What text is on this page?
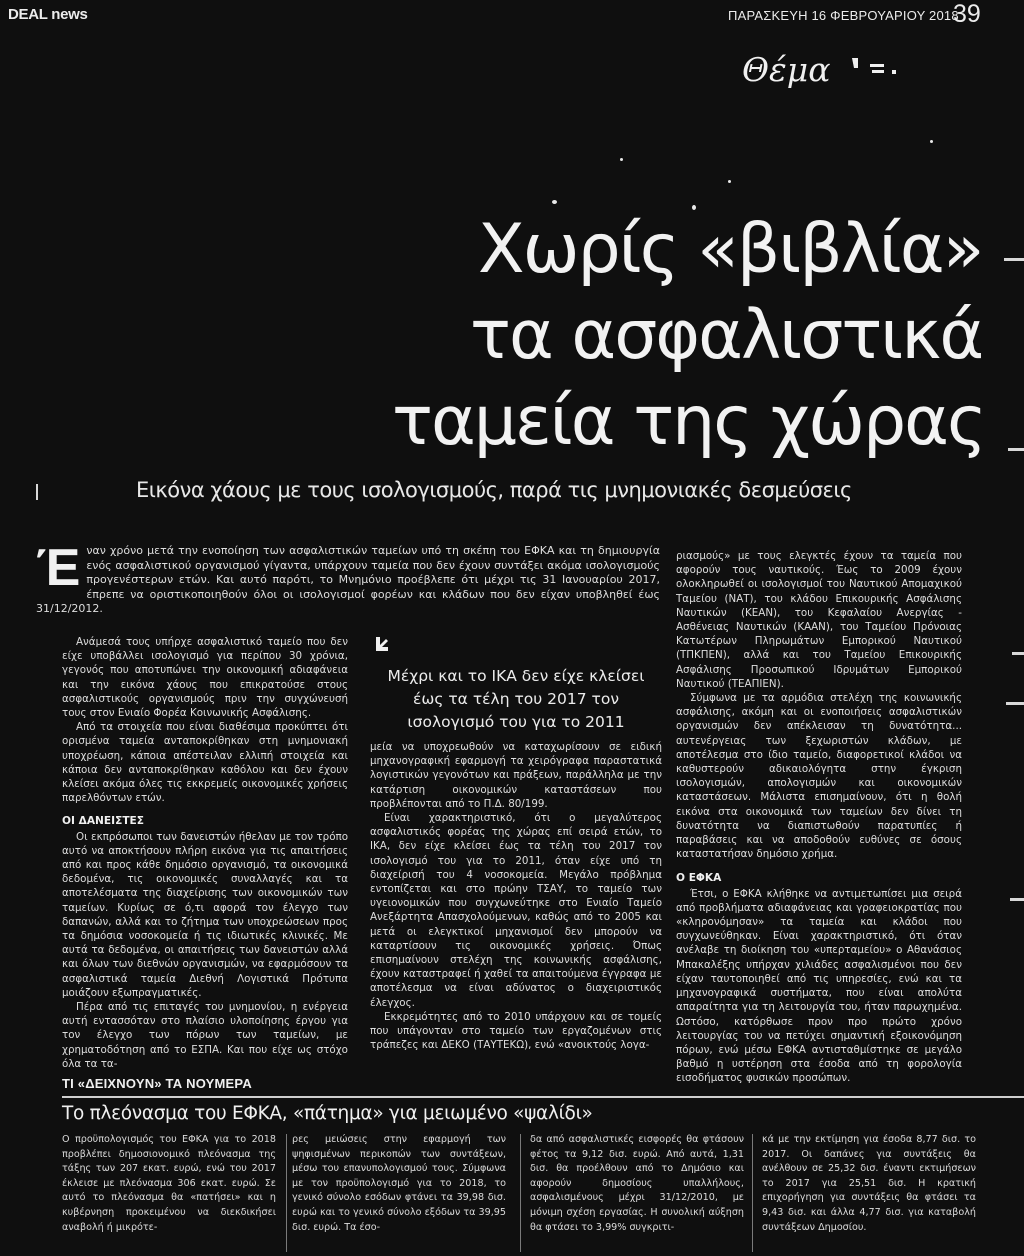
DEAL news	ΠΑΡΑΣΚΕΥΗ 16 ΦΕΒΡΟΥΑΡΙΟΥ 2018
39
Θέμα
Χωρίς «βιβλία»
τα ασφαλιστικά
ταμεία της χώρας
Εικόνα χάους με τους ισολογισμούς, παρά τις μνημονιακές δεσμεύσεις
Έ ναν χρόνο μετά την ενοποίηση των ασφαλιστικών ταμείων υπό τη σκέπη του ΕΦΚΑ και τη δημιουργία ενός ασφαλιστικού οργανισμού γίγαντα, υπάρχουν ταμεία που δεν έχουν συντάξει ακόμα ισολογισμούς προγενέστερων ετών. Και αυτό παρότι, το Μνημόνιο προέβλεπε ότι μέχρι τις 31 Ιανουαρίου 2017, έπρεπε να οριστικοποιηθούν όλοι οι ισολογισμοί φορέων και κλάδων που δεν είχαν υποβληθεί έως 31/12/2012.

Ανάμεσά τους υπήρχε ασφαλιστικό ταμείο που δεν είχε υποβάλλει ισολογισμό για περίπου 30 χρόνια, γεγονός που αποτυπώνει την οικονομική αδιαφάνεια και την εικόνα χάους που επικρατούσε στους ασφαλιστικούς οργανισμούς πριν την συγχώνευσή τους στον Ενιαίο Φορέα Κοινωνικής Ασφάλισης.

Από τα στοιχεία που είναι διαθέσιμα προκύπτει ότι ορισμένα ταμεία ανταποκρίθηκαν στη μνημονιακή υποχρέωση, κάποια απέστειλαν ελλιπή στοιχεία και κάποια δεν ανταποκρίθηκαν καθόλου και δεν έχουν κλείσει ακόμα όλες τις εκκρεμείς οικονομικές χρήσεις παρελθόντων ετών.

ΟΙ ΔΑΝΕΙΣΤΕΣ

Οι εκπρόσωποι των δανειστών ήθελαν με τον τρόπο αυτό να αποκτήσουν πλήρη εικόνα για τις απαιτήσεις από και προς κάθε δημόσιο οργανισμό, τα οικονομικά δεδομένα, τις οικονομικές συναλλαγές και τα αποτελέσματα της διαχείρισης των οικονομικών των ταμείων. Κυρίως σε ό,τι αφορά τον έλεγχο των δαπανών, αλλά και το ζήτημα των υποχρεώσεων προς τα δημόσια νοσοκομεία ή τις ιδιωτικές κλινικές. Με αυτά τα δεδομένα, οι απαιτήσεις των δανειστών αλλά και όλων των διεθνών οργανισμών, να εφαρμόσουν τα ασφαλιστικά ταμεία Διεθνή Λογιστικά Πρότυπα μοιάζουν εξωπραγματικές.

Πέρα από τις επιταγές του μνημονίου, η ενέργεια αυτή εντασσόταν στο πλαίσιο υλοποίησης έργου για τον έλεγχο των πόρων των ταμείων, με χρηματοδότηση από το ΕΣΠΑ. Και που είχε ως στόχο όλα τα τα-

Μέχρι και το ΙΚΑ δεν είχε κλείσει έως τα τέλη του 2017 τον ισολογισμό του για το 2011

μεία να υποχρεωθούν να καταχωρίσουν σε ειδική μηχανογραφική εφαρμογή τα χειρόγραφα παραστατικά λογιστικών γεγονότων και πράξεων, παράλληλα με την κατάρτιση οικονομικών καταστάσεων που προβλέπονται από το Π.Δ. 80/199.

Είναι χαρακτηριστικό, ότι ο μεγαλύτερος ασφαλιστικός φορέας της χώρας επί σειρά ετών, το ΙΚΑ, δεν είχε κλείσει έως τα τέλη του 2017 τον ισολογισμό του για το 2011, όταν είχε υπό τη διαχείρισή του 4 νοσοκομεία. Μεγάλο πρόβλημα εντοπίζεται και στο πρώην ΤΣΑΥ, το ταμείο των υγειονομικών που συγχωνεύτηκε στο Ενιαίο Ταμείο Ανεξάρτητα Απασχολούμενων, καθώς από το 2005 και μετά οι ελεγκτικοί μηχανισμοί δεν μπορούν να καταρτίσουν τις οικονομικές χρήσεις. Όπως επισημαίνουν στελέχη της κοινωνικής ασφάλισης, έχουν καταστραφεί ή χαθεί τα απαιτούμενα έγγραφα με αποτέλεσμα να είναι αδύνατος ο διαχειριστικός έλεγχος.

Εκκρεμότητες από το 2010 υπάρχουν και σε τομείς που υπάγονταν στο ταμείο των εργαζομένων στις τράπεζες και ΔΕΚΟ (ΤΑΥΤΕΚΩ), ενώ «ανοικτούς λογα-

ριασμούς» με τους ελεγκτές έχουν τα ταμεία που αφορούν τους ναυτικούς. Έως το 2009 έχουν ολοκληρωθεί οι ισολογισμοί του Ναυτικού Απομαχικού Ταμείου (ΝΑΤ), του κλάδου Επικουρικής Ασφάλισης Ναυτικών (ΚΕΑΝ), του Κεφαλαίου Ανεργίας - Ασθένειας Ναυτικών (ΚΑΑΝ), του Ταμείου Πρόνοιας Κατωτέρων Πληρωμάτων Εμπορικού Ναυτικού (ΤΠΚΠΕΝ), αλλά και του Ταμείου Επικουρικής Ασφάλισης Προσωπικού Ιδρυμάτων Εμπορικού Ναυτικού (ΤΕΑΠΙΕΝ).

Σύμφωνα με τα αρμόδια στελέχη της κοινωνικής ασφάλισης, ακόμη και οι ενοποιήσεις ασφαλιστικών οργανισμών δεν απέκλεισαν τη δυνατότητα... αυτενέργειας των ξεχωριστών κλάδων, με αποτέλεσμα στο ίδιο ταμείο, διαφορετικοί κλάδοι να καθυστερούν αδικαιολόγητα στην έγκριση ισολογισμών, απολογισμών και οικονομικών καταστάσεων. Μάλιστα επισημαίνουν, ότι η θολή εικόνα στα οικονομικά των ταμείων δεν δίνει τη δυνατότητα να διαπιστωθούν παρατυπίες ή παραβάσεις και να αποδοθούν ευθύνες σε όσους καταστατήσαν δημόσιο χρήμα.

Ο ΕΦΚΑ

Έτσι, ο ΕΦΚΑ κλήθηκε να αντιμετωπίσει μια σειρά από προβλήματα αδιαφάνειας και γραφειοκρατίας που «κληρονόμησαν» τα ταμεία και κλάδοι που συγχωνεύθηκαν. Είναι χαρακτηριστικό, ότι όταν ανέλαβε τη διοίκηση του «υπερταμείου» ο Αθανάσιος Μπακαλέξης υπήρχαν χιλιάδες ασφαλισμένοι που δεν είχαν ταυτοποιηθεί από τις υπηρεσίες, ενώ και τα μηχανογραφικά συστήματα, που είναι απολύτα απαραίτητα για τη λειτουργία του, ήταν παρωχημένα. Ωστόσο, κατόρθωσε προν προ πρώτο χρόνο λειτουργίας του να πετύχει σημαντική εξοικονόμηση πόρων, ενώ μέσω ΕΦΚΑ αντισταθμίστηκε σε μεγάλο βαθμό η υστέρηση στα έσοδα από τη φορολογία εισοδήματος φυσικών προσώπων.

ΤΙ «ΔΕΙΧΝΟΥΝ» ΤΑ ΝΟΥΜΕΡΑ
Το πλεόνασμα του ΕΦΚΑ, «πάτημα» για μειωμένο «ψαλίδι»
Ο προϋπολογισμός του ΕΦΚΑ για το 2018 προβλέπει δημοσιονομικό πλεόνασμα της τάξης των 207 εκατ. ευρώ, ενώ του 2017 έκλεισε με πλεόνασμα 306 εκατ. ευρώ. Σε αυτό το πλεόνασμα θα «πατήσει» και η κυβέρνηση προκειμένου να διεκδικήσει αναβολή ή μικρότε-
ρες μειώσεις στην εφαρμογή των ψηφισμένων περικοπών των συντάξεων, μέσω του επανυπολογισμού τους. Σύμφωνα με τον προϋπολογισμό για το 2018, το γενικό σύνολο εσόδων φτάνει τα 39,98 δισ. ευρώ και το γενικό σύνολο εξόδων τα 39,95 δισ. ευρώ. Τα έσο-
δα από ασφαλιστικές εισφορές θα φτάσουν φέτος τα 9,12 δισ. ευρώ. Από αυτά, 1,31 δισ. θα προέλθουν από το Δημόσιο και αφορούν δημοσίους υπαλλήλους, ασφαλισμένους μέχρι 31/12/2010, με μόνιμη σχέση εργασίας. Η συνολική αύξηση θα φτάσει το 3,99% συγκριτι-
κά με την εκτίμηση για έσοδα 8,77 δισ. το 2017. Οι δαπάνες για συντάξεις θα ανέλθουν σε 25,32 δισ. έναντι εκτιμήσεων το 2017 για 25,51 δισ. Η κρατική επιχορήγηση για συντάξεις θα φτάσει τα 9,43 δισ. και άλλα 4,77 δισ. για καταβολή συντάξεων Δημοσίου.
